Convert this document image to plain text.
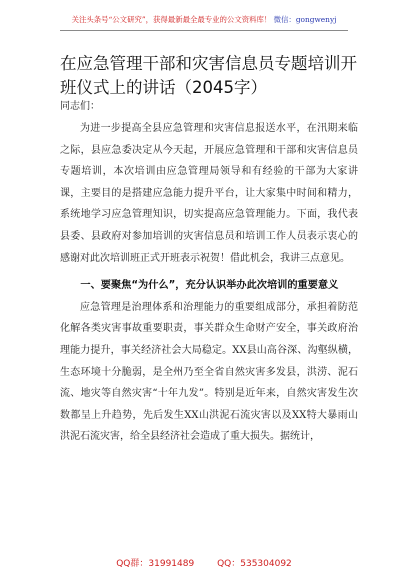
关注头条号“公文研究”，获得最新最全最专业的公文资料库！ 微信：gongwenyj
在应急管理干部和灾害信息员专题培训开班仪式上的讲话（2045字）
同志们：

为进一步提高全县应急管理和灾害信息报送水平，在汛期来临之际，县应急委决定从今天起，开展应急管理和干部和灾害信息员专题培训，本次培训由应急管理局领导和有经验的干部为大家讲课，主要目的是搭建应急能力提升平台，让大家集中时间和精力，系统地学习应急管理知识，切实提高应急管理能力。下面，我代表县委、县政府对参加培训的灾害信息员和培训工作人员表示衷心的感谢对此次培训班正式开班表示祝贺！借此机会，我讲三点意见。

一、要聚焦“为什么”，充分认识举办此次培训的重要意义

应急管理是治理体系和治理能力的重要组成部分，承担着防范化解各类灾害事故重要职责，事关群众生命财产安全，事关政府治理能力提升，事关经济社会大局稳定。XX县山高谷深、沟壑纵横，生态环境十分脆弱，是全州乃至全省自然灾害多发县，洪涝、泥石流、地灾等自然灾害“十年九发”。特别是近年来，自然灾害发生次数都呈上升趋势，先后发生XX山洪泥石流灾害以及XX特大暴雨山洪泥石流灾害，给全县经济社会造成了重大损失。据统计，

QQ群：31991489	QQ：535304092
